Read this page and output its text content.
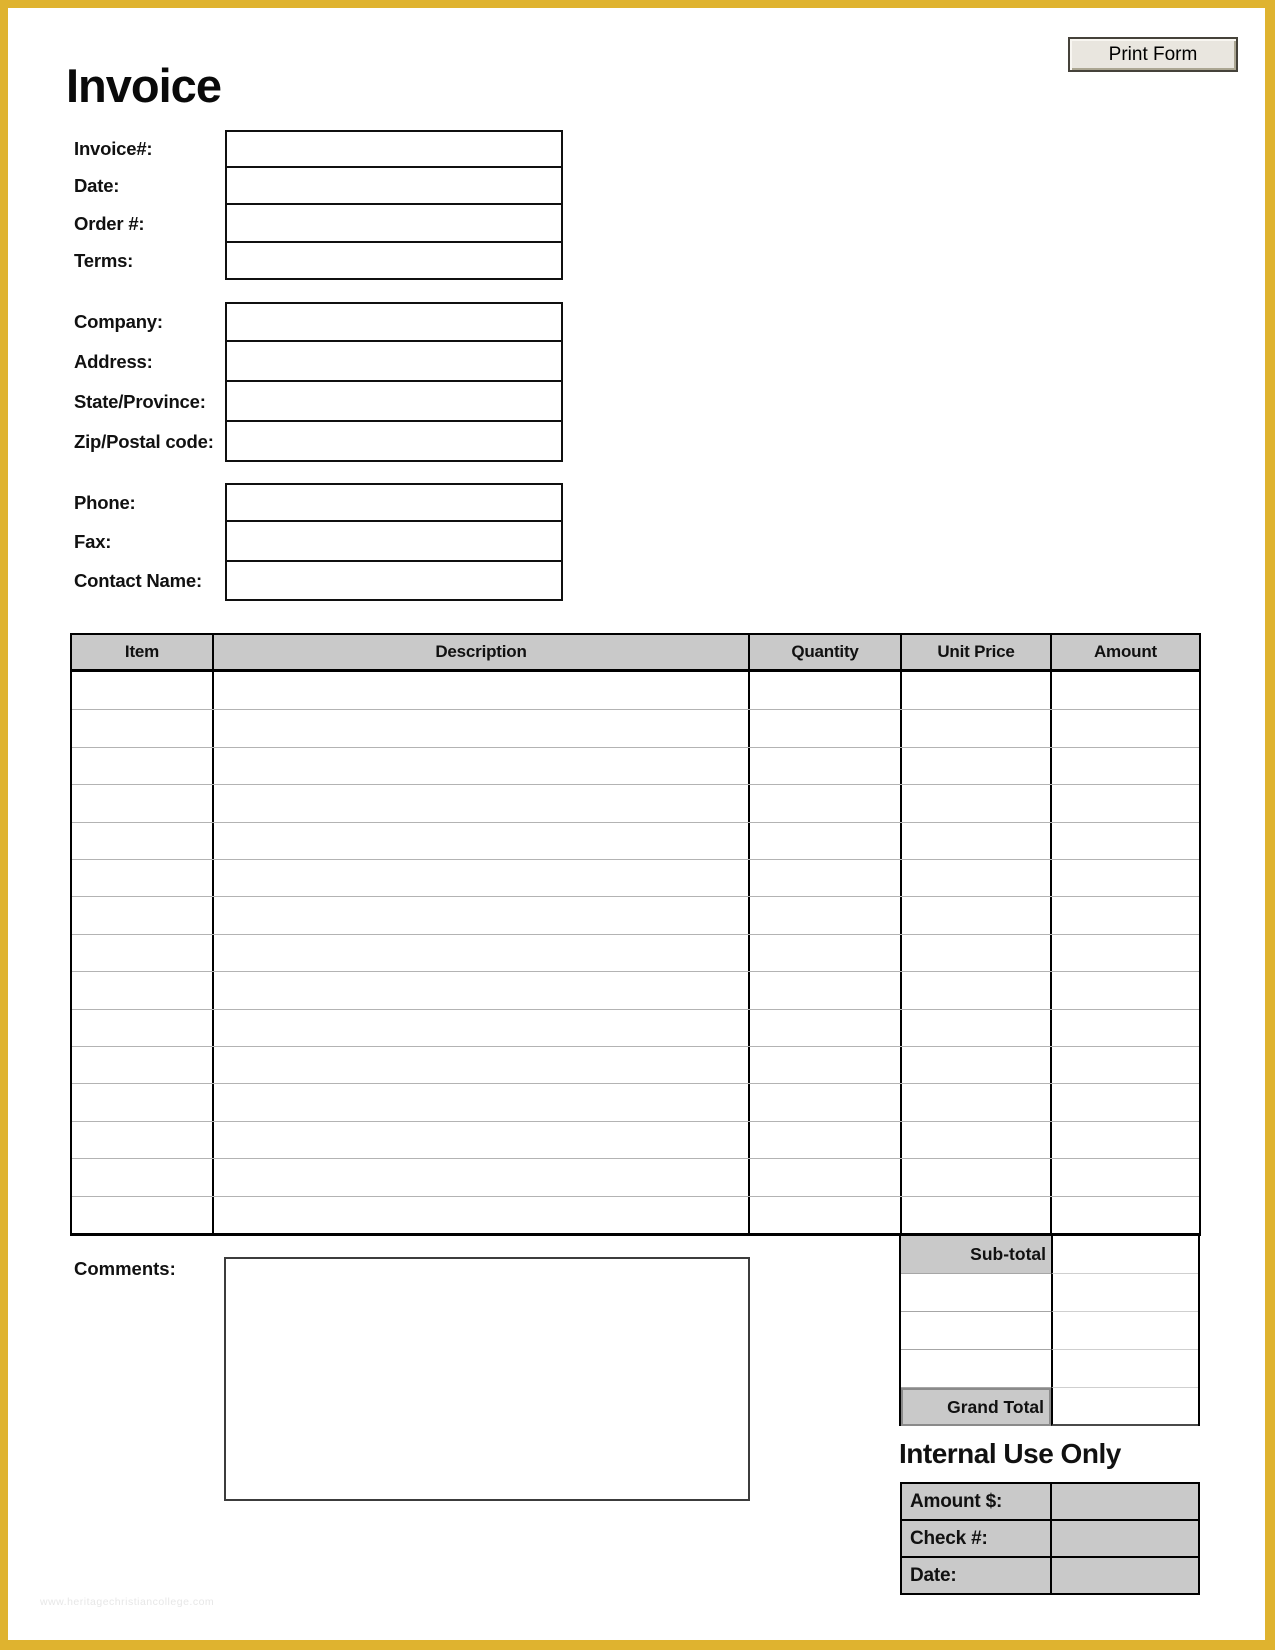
Print Form
Invoice
Invoice#:
Date:
Order #:
Terms:
Company:
Address:
State/Province:
Zip/Postal code:
Phone:
Fax:
Contact Name:
Item	Description	Quantity	Unit Price	Amount
Sub-total
Grand Total
Comments:
Internal Use Only
Amount $:
Check #:
Date:
www.heritagechristiancollege.com
